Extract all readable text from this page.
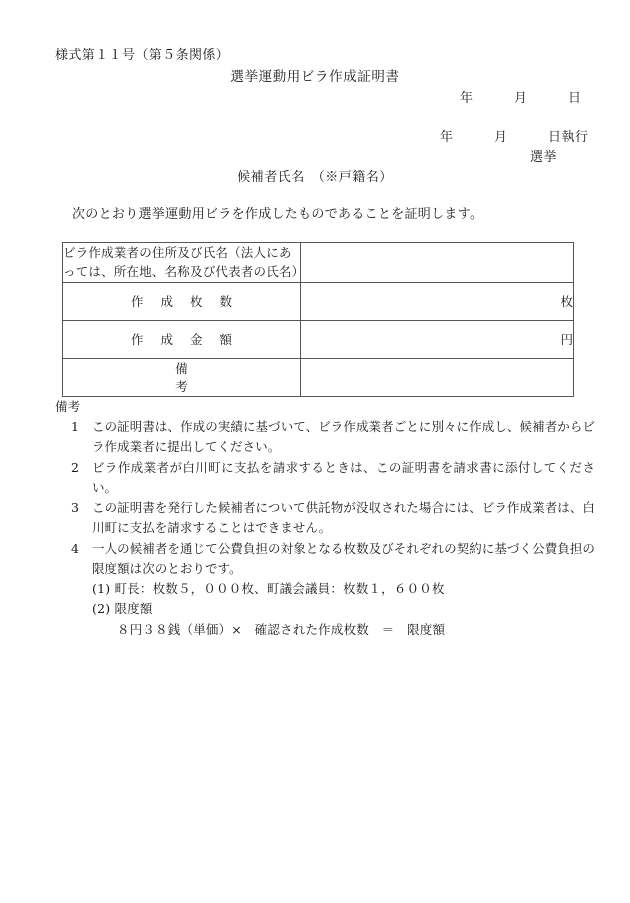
様式第１１号（第５条関係）
選挙運動用ビラ作成証明書
年　　　月　　　日
年　　　月　　　日執行
選挙
候補者氏名　（※戸籍名）
次のとおり選挙運動用ビラを作成したものであることを証明します。
ビラ作成業者の住所及び氏名（法人にあっては、所在地、名称及び代表者の氏名）	
作成枚数	枚
作成金額	円
備考	
備考
1 この証明書は、作成の実績に基づいて、ビラ作成業者ごとに別々に作成し、候補者からビラ作成業者に提出してください。
2 ビラ作成業者が白川町に支払を請求するときは、この証明書を請求書に添付してください。
3 この証明書を発行した候補者について供託物が没収された場合には、ビラ作成業者は、白川町に支払を請求することはできません。
4 一人の候補者を通じて公費負担の対象となる枚数及びそれぞれの契約に基づく公費負担の限度額は次のとおりです。
(1) 町長：枚数５，０００枚、町議会議員：枚数１，６００枚
(2) 限度額
８円３８銭（単価）×　確認された作成枚数　＝　限度額
